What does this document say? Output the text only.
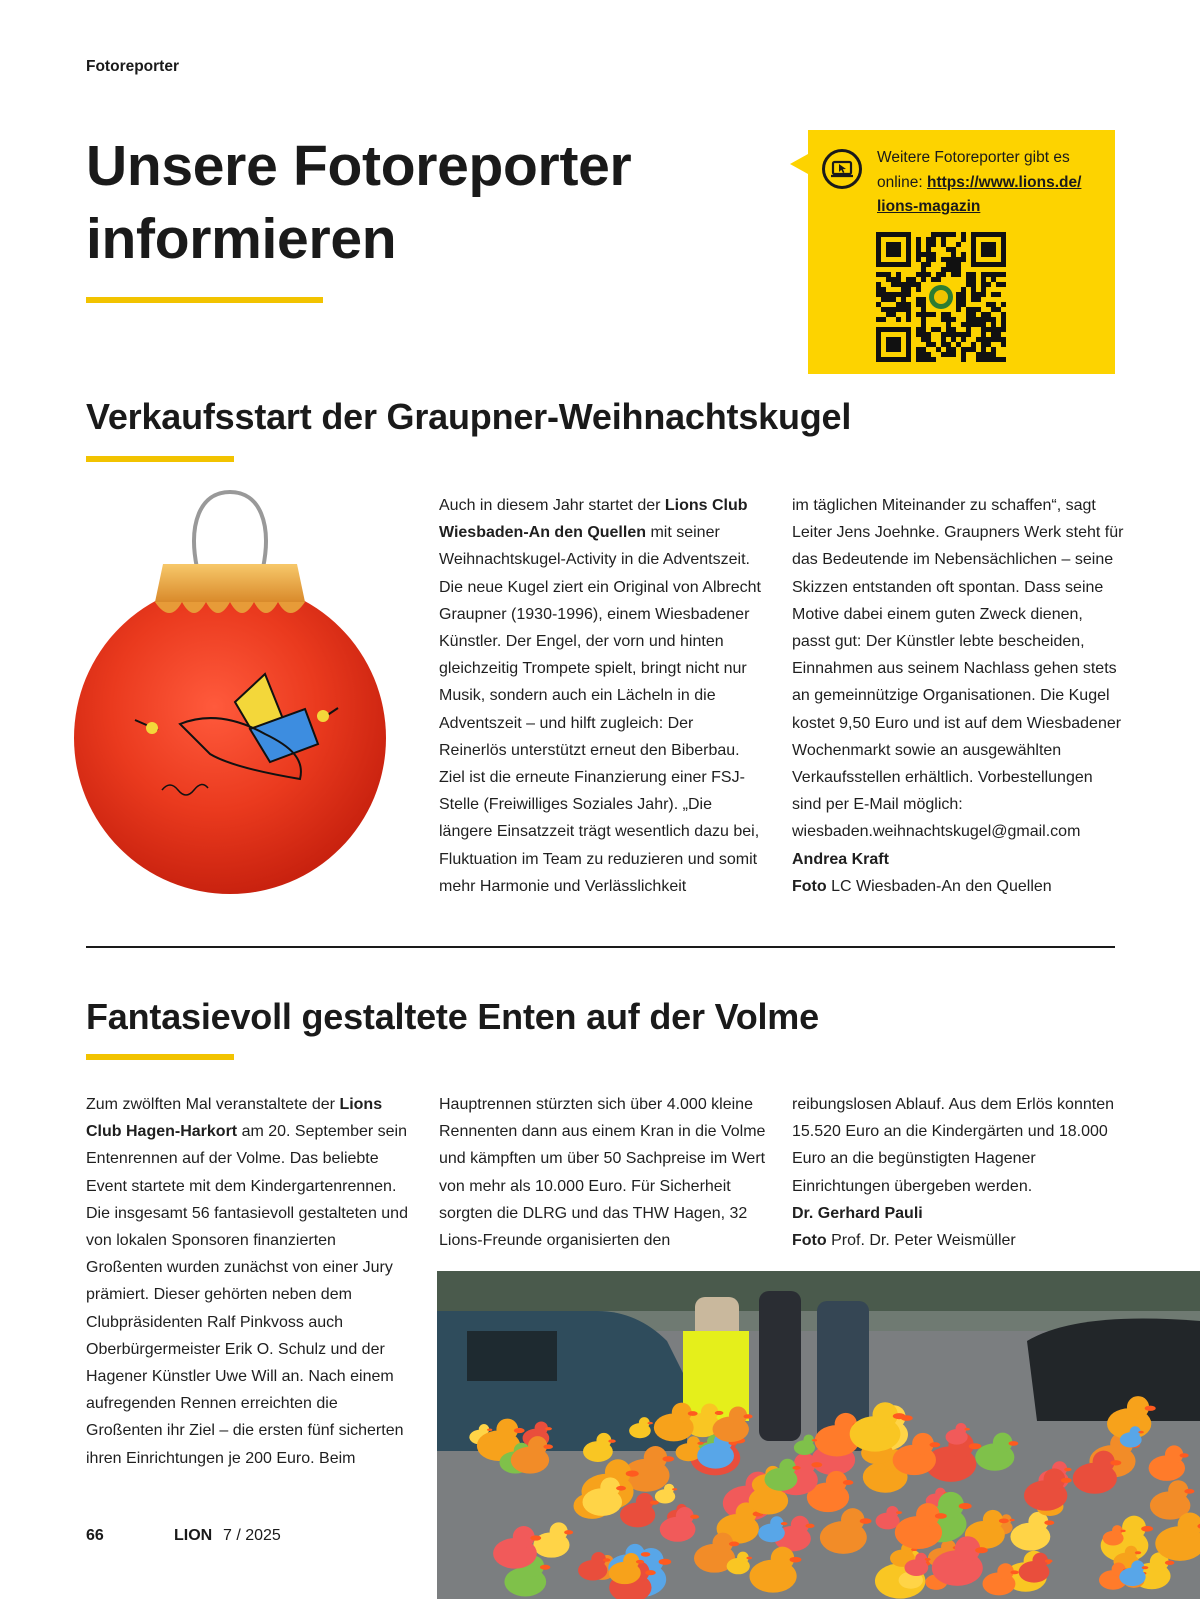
Fotoreporter
Unsere Fotoreporter
informieren
Weitere Fotoreporter gibt es online: https://www.lions.de/
lions-magazin
Verkaufsstart der Graupner-Weihnachtskugel

Auch in diesem Jahr startet der Lions Club Wiesbaden-An den Quellen mit seiner Weihnachtskugel-Activity in die Adventszeit. Die neue Kugel ziert ein Original von Albrecht Graupner (1930-1996), einem Wiesbadener Künstler. Der Engel, der vorn und hinten gleichzeitig Trompete spielt, bringt nicht nur Musik, sondern auch ein Lächeln in die Adventszeit – und hilft zugleich: Der Reinerlös unterstützt erneut den Biberbau. Ziel ist die erneute Finanzierung einer FSJ-Stelle (Freiwilliges Soziales Jahr). „Die längere Einsatzzeit trägt wesentlich dazu bei, Fluktuation im Team zu reduzieren und somit mehr Harmonie und Verlässlichkeit

im täglichen Miteinander zu schaffen“, sagt Leiter Jens Joehnke. Graupners Werk steht für das Bedeutende im Nebensächlichen – seine Skizzen entstanden oft spontan. Dass seine Motive dabei einem guten Zweck dienen, passt gut: Der Künstler lebte bescheiden, Einnahmen aus seinem Nachlass gehen stets an gemeinnützige Organisationen. Die Kugel kostet 9,50 Euro und ist auf dem Wiesbadener Wochenmarkt sowie an ausgewählten Verkaufsstellen erhältlich. Vorbestellungen sind per E-Mail möglich: wiesbaden.weihnachtskugel@gmail.com

Andrea Kraft

Foto LC Wiesbaden-An den Quellen

Fantasievoll gestaltete Enten auf der Volme

Zum zwölften Mal veranstaltete der Lions Club Hagen-Harkort am 20. September sein Entenrennen auf der Volme. Das beliebte Event startete mit dem Kindergartenrennen. Die insgesamt 56 fantasievoll gestalteten und von lokalen Sponsoren finanzierten Großenten wurden zunächst von einer Jury prämiert. Dieser gehörten neben dem Clubpräsidenten Ralf Pinkvoss auch Oberbürgermeister Erik O. Schulz und der Hagener Künstler Uwe Will an. Nach einem aufregenden Rennen erreichten die Großenten ihr Ziel – die ersten fünf sicherten ihren Einrichtungen je 200 Euro. Beim

Hauptrennen stürzten sich über 4.000 kleine Rennenten dann aus einem Kran in die Volme und kämpften um über 50 Sachpreise im Wert von mehr als 10.000 Euro. Für Sicherheit sorgten die DLRG und das THW Hagen, 32 Lions-Freunde organisierten den

reibungslosen Ablauf. Aus dem Erlös konnten 15.520 Euro an die Kindergärten und 18.000 Euro an die begünstigten Hagener Einrichtungen übergeben werden.

Dr. Gerhard Pauli

Foto Prof. Dr. Peter Weismüller

66	LION 7 / 2025
